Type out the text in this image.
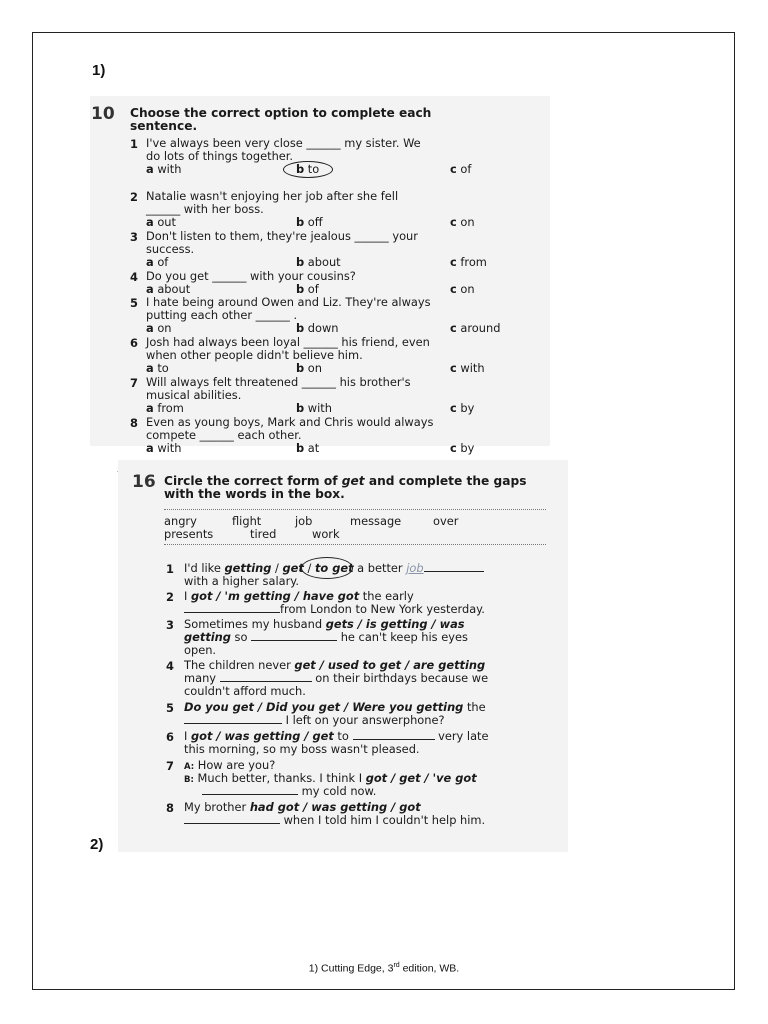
1)
10 Choose the correct option to complete each
sentence.
1 I've always been very close ______ my sister. We
do lots of things together.
a with	b to	c of
2 Natalie wasn't enjoying her job after she fell
______ with her boss.
a out	b off	c on
3 Don't listen to them, they're jealous ______ your
success.
a of	b about	c from
4 Do you get ______ with your cousins?
a about	b of	c on
5 I hate being around Owen and Liz. They're always
putting each other ______ .
a on	b down	c around
6 Josh had always been loyal ______ his friend, even
when other people didn't believe him.
a to	b on	c with
7 Will always felt threatened ______ his brother's
musical abilities.
a from	b with	c by
8 Even as young boys, Mark and Chris would always
compete ______ each other.
a with	b at	c by
16 Circle the correct form of get and complete the gaps
with the words in the box.
angry	flight	job	message	over
presents	tired	work
1 I'd like getting / get / to get a better job
with a higher salary.
2 I got / 'm getting / have got the early
from London to New York yesterday.
3 Sometimes my husband gets / is getting / was
getting so	he can't keep his eyes
open.
4 The children never get / used to get / are getting
many	on their birthdays because we
couldn't afford much.
5 Do you get / Did you get / Were you getting the
I left on your answerphone?
6 I got / was getting / get to	very late
this morning, so my boss wasn't pleased.
7 A: How are you?
B: Much better, thanks. I think I got / get / 've got
my cold now.
8 My brother had got / was getting / got
when I told him I couldn't help him.
2)
1) Cutting Edge, 3rd edition, WB.
